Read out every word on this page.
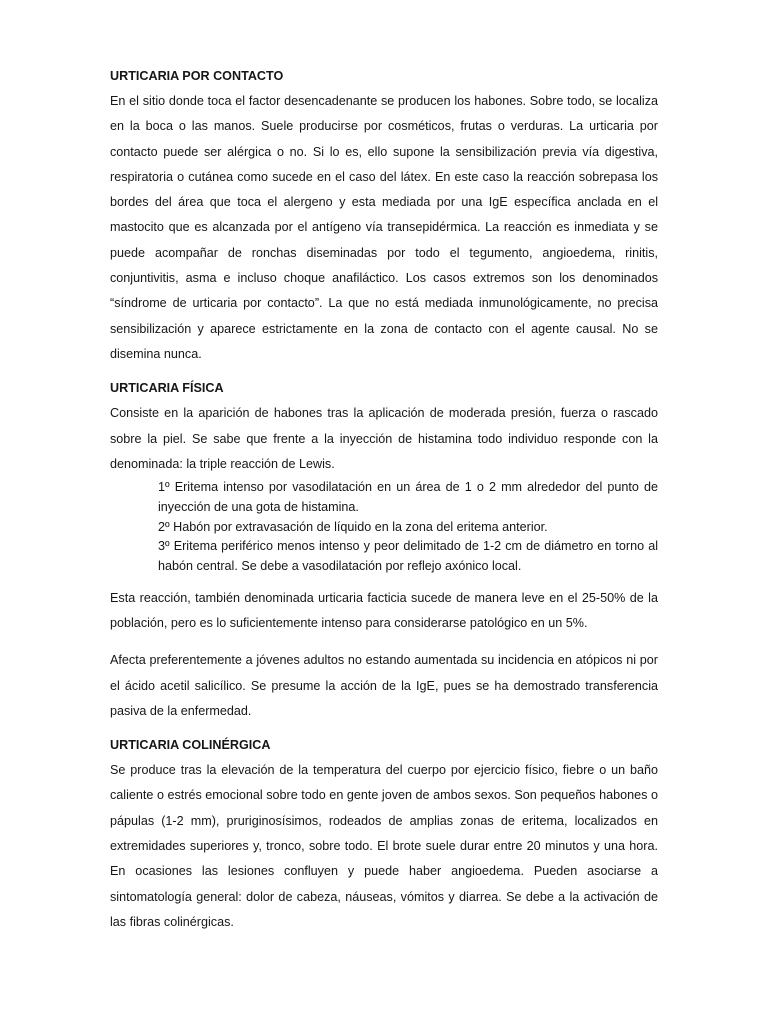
URTICARIA POR CONTACTO

En el sitio donde toca el factor desencadenante se producen los habones. Sobre todo, se localiza en la boca o las manos. Suele producirse por cosméticos, frutas o verduras. La urticaria por contacto puede ser alérgica o no. Si lo es, ello supone la sensibilización previa vía digestiva, respiratoria o cutánea como sucede en el caso del látex. En este caso la reacción sobrepasa los bordes del área que toca el alergeno y esta mediada por una IgE específica anclada en el mastocito que es alcanzada por el antígeno vía transepidérmica. La reacción es inmediata y se puede acompañar de ronchas diseminadas por todo el tegumento, angioedema, rinitis, conjuntivitis, asma e incluso choque anafiláctico. Los casos extremos son los denominados “síndrome de urticaria por contacto”. La que no está mediada inmunológicamente, no precisa sensibilización y aparece estrictamente en la zona de contacto con el agente causal. No se disemina nunca.

URTICARIA FÍSICA

Consiste en la aparición de habones tras la aplicación de moderada presión, fuerza o rascado sobre la piel. Se sabe que frente a la inyección de histamina todo individuo responde con la denominada: la triple reacción de Lewis.

1º Eritema intenso por vasodilatación en un área de 1 o 2 mm alrededor del punto de inyección de una gota de histamina.
2º Habón por extravasación de líquido en la zona del eritema anterior.
3º Eritema periférico menos intenso y peor delimitado de 1-2 cm de diámetro en torno al habón central. Se debe a vasodilatación por reflejo axónico local.

Esta reacción, también denominada urticaria facticia sucede de manera leve en el 25-50% de la población, pero es lo suficientemente intenso para considerarse patológico en un 5%.

Afecta preferentemente a jóvenes adultos no estando aumentada su incidencia en atópicos ni por el ácido acetil salicílico. Se presume la acción de la IgE, pues se ha demostrado transferencia pasiva de la enfermedad.

URTICARIA COLINÉRGICA

Se produce tras la elevación de la temperatura del cuerpo por ejercicio físico, fiebre o un baño caliente o estrés emocional sobre todo en gente joven de ambos sexos. Son pequeños habones o pápulas (1-2 mm), pruriginosísimos, rodeados de amplias zonas de eritema, localizados en extremidades superiores y, tronco, sobre todo. El brote suele durar entre 20 minutos y una hora. En ocasiones las lesiones confluyen y puede haber angioedema. Pueden asociarse a sintomatología general: dolor de cabeza, náuseas, vómitos y diarrea. Se debe a la activación de las fibras colinérgicas.
